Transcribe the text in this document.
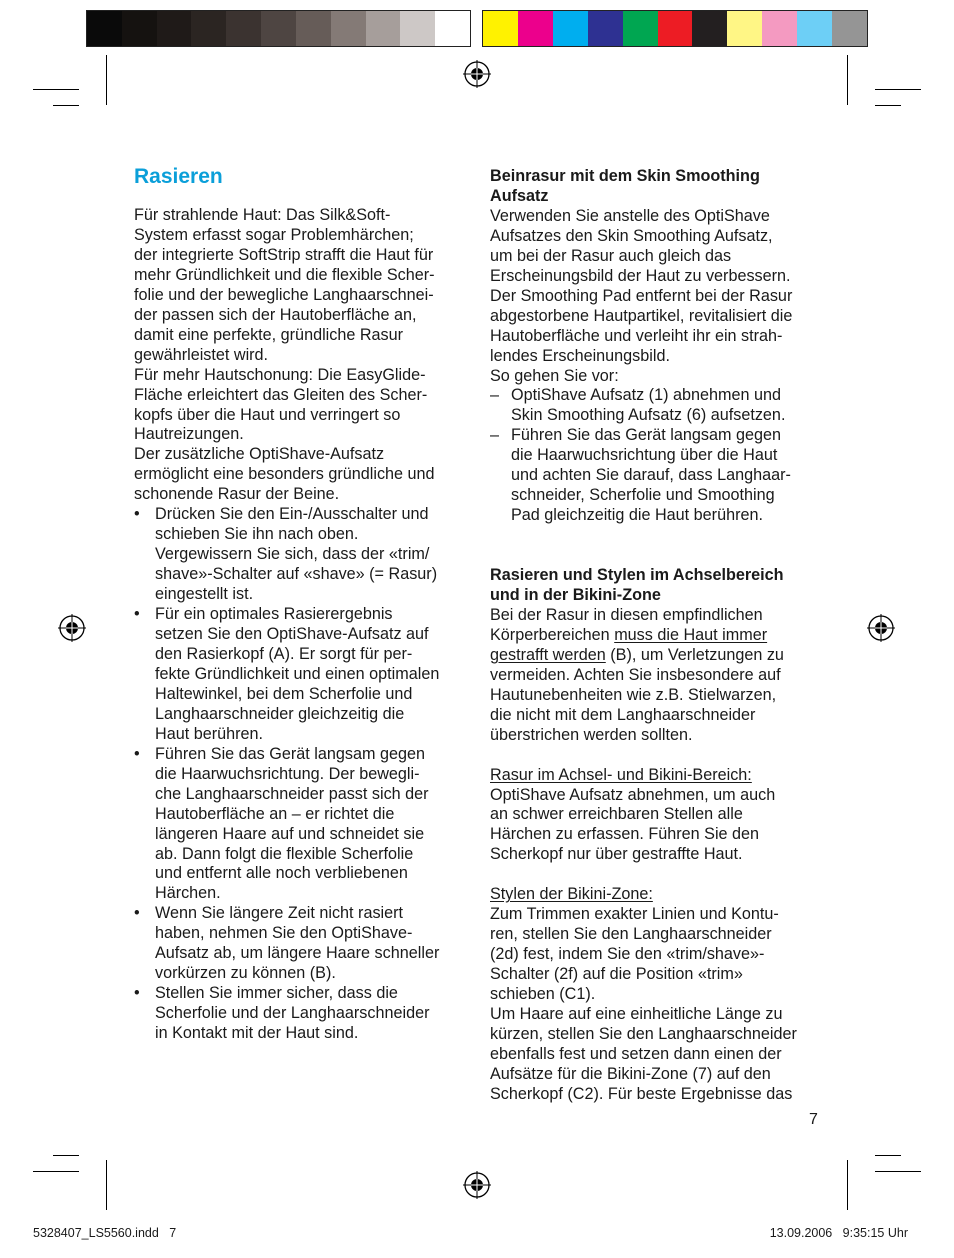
Rasieren
Für strahlende Haut: Das Silk&Soft-
System erfasst sogar Problemhärchen;
der integrierte SoftStrip strafft die Haut für
mehr Gründlichkeit und die flexible Scher-
folie und der bewegliche Langhaarschnei-
der passen sich der Hautoberfläche an,
damit eine perfekte, gründliche Rasur
gewährleistet wird.
Für mehr Hautschonung: Die EasyGlide-
Fläche erleichtert das Gleiten des Scher-
kopfs über die Haut und verringert so
Hautreizungen.
Der zusätzliche OptiShave-Aufsatz
ermöglicht eine besonders gründliche und
schonende Rasur der Beine.
• Drücken Sie den Ein-/Ausschalter und
schieben Sie ihn nach oben.
Vergewissern Sie sich, dass der «trim/
shave»-Schalter auf «shave» (= Rasur)
eingestellt ist.
• Für ein optimales Rasierergebnis
setzen Sie den OptiShave-Aufsatz auf
den Rasierkopf (A). Er sorgt für per-
fekte Gründlichkeit und einen optimalen
Haltewinkel, bei dem Scherfolie und
Langhaarschneider gleichzeitig die
Haut berühren.
• Führen Sie das Gerät langsam gegen
die Haarwuchsrichtung. Der bewegli-
che Langhaarschneider passt sich der
Hautoberfläche an – er richtet die
längeren Haare auf und schneidet sie
ab. Dann folgt die flexible Scherfolie
und entfernt alle noch verbliebenen
Härchen.
• Wenn Sie längere Zeit nicht rasiert
haben, nehmen Sie den OptiShave-
Aufsatz ab, um längere Haare schneller
vorkürzen zu können (B).
• Stellen Sie immer sicher, dass die
Scherfolie und der Langhaarschneider
in Kontakt mit der Haut sind.
Beinrasur mit dem Skin Smoothing
Aufsatz
Verwenden Sie anstelle des OptiShave
Aufsatzes den Skin Smoothing Aufsatz,
um bei der Rasur auch gleich das
Erscheinungsbild der Haut zu verbessern.
Der Smoothing Pad entfernt bei der Rasur
abgestorbene Hautpartikel, revitalisiert die
Hautoberfläche und verleiht ihr ein strah-
lendes Erscheinungsbild.
So gehen Sie vor:
– OptiShave Aufsatz (1) abnehmen und
Skin Smoothing Aufsatz (6) aufsetzen.
– Führen Sie das Gerät langsam gegen
die Haarwuchsrichtung über die Haut
und achten Sie darauf, dass Langhaar-
schneider, Scherfolie und Smoothing
Pad gleichzeitig die Haut berühren.
Rasieren und Stylen im Achselbereich
und in der Bikini-Zone
Bei der Rasur in diesen empfindlichen
Körperbereichen muss die Haut immer
gestrafft werden (B), um Verletzungen zu
vermeiden. Achten Sie insbesondere auf
Hautunebenheiten wie z.B. Stielwarzen,
die nicht mit dem Langhaarschneider
überstrichen werden sollten.
Rasur im Achsel- und Bikini-Bereich:
OptiShave Aufsatz abnehmen, um auch
an schwer erreichbaren Stellen alle
Härchen zu erfassen. Führen Sie den
Scherkopf nur über gestraffte Haut.
Stylen der Bikini-Zone:
Zum Trimmen exakter Linien und Kontu-
ren, stellen Sie den Langhaarschneider
(2d) fest, indem Sie den «trim/shave»-
Schalter (2f) auf die Position «trim»
schieben (C1).
Um Haare auf eine einheitliche Länge zu
kürzen, stellen Sie den Langhaarschneider
ebenfalls fest und setzen dann einen der
Aufsätze für die Bikini-Zone (7) auf den
Scherkopf (C2). Für beste Ergebnisse das
7
5328407_LS5560.indd   7	13.09.2006   9:35:15 Uhr
